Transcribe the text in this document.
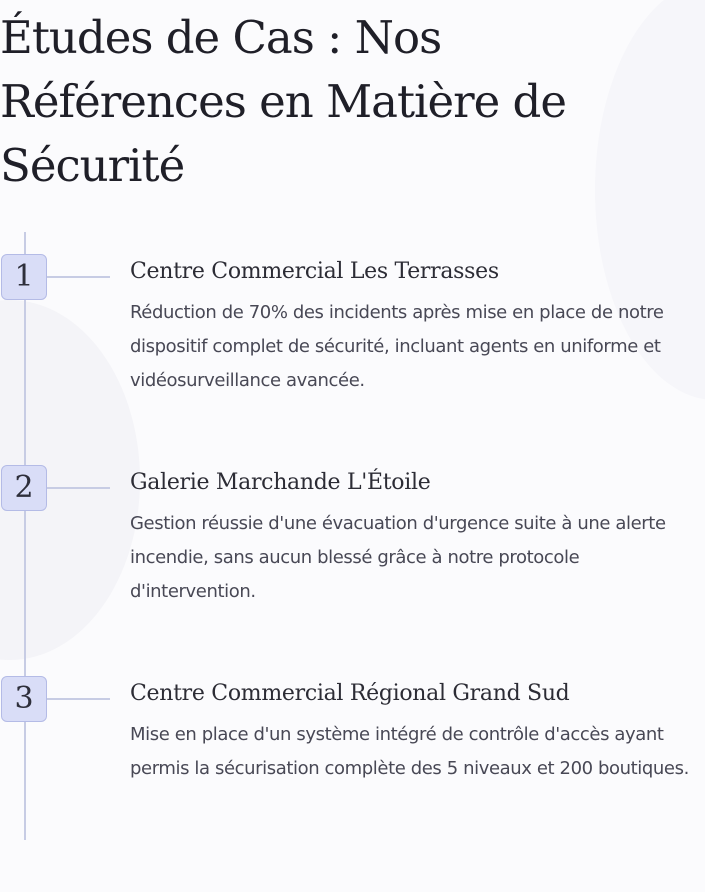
Études de Cas : Nos Références en Matière de Sécurité
1	Centre Commercial Les Terrasses

Réduction de 70% des incidents après mise en place de notre dispositif complet de sécurité, incluant agents en uniforme et vidéosurveillance avancée.

2	Galerie Marchande L'Étoile

Gestion réussie d'une évacuation d'urgence suite à une alerte incendie, sans aucun blessé grâce à notre protocole d'intervention.

3	Centre Commercial Régional Grand Sud

Mise en place d'un système intégré de contrôle d'accès ayant permis la sécurisation complète des 5 niveaux et 200 boutiques.
